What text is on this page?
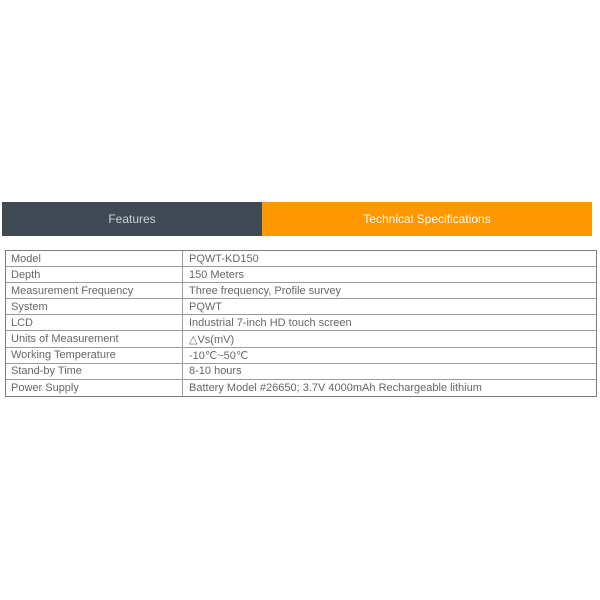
Features	Technical Specifications
Model	PQWT-KD150
Depth	150 Meters
Measurement Frequency	Three frequency, Profile survey
System	PQWT
LCD	Industrial 7-inch HD touch screen
Units of Measurement	△Vs(mV)
Working Temperature	-10℃~50℃
Stand-by Time	8-10 hours
Power Supply	Battery Model #26650; 3.7V 4000mAh Rechargeable lithium
